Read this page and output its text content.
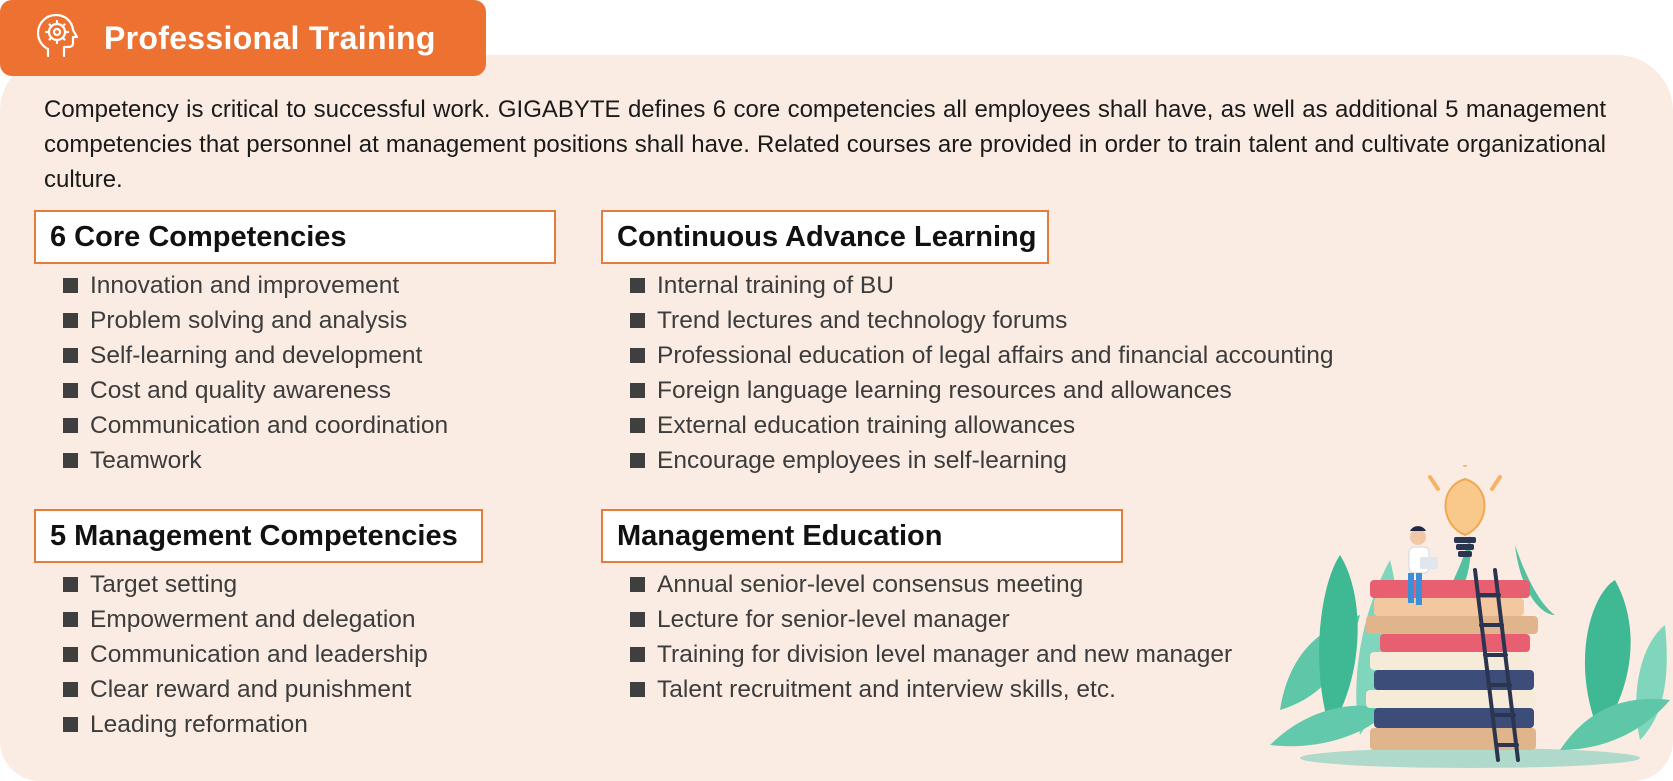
Professional Training
Competency is critical to successful work. GIGABYTE defines 6 core competencies all employees shall have, as well as additional 5 management competencies that personnel at management positions shall have. Related courses are provided in order to train talent and cultivate organizational culture.
6 Core Competencies
Innovation and improvement
Problem solving and analysis
Self-learning and development
Cost and quality awareness
Communication and coordination
Teamwork
Continuous Advance Learning
Internal training of BU
Trend lectures and technology forums
Professional education of legal affairs and financial accounting
Foreign language learning resources and allowances
External education training allowances
Encourage employees in self-learning
5 Management Competencies
Target setting
Empowerment and delegation
Communication and leadership
Clear reward and punishment
Leading reformation
Management Education
Annual senior-level consensus meeting
Lecture for senior-level manager
Training for division level manager and new manager
Talent recruitment and interview skills, etc.
